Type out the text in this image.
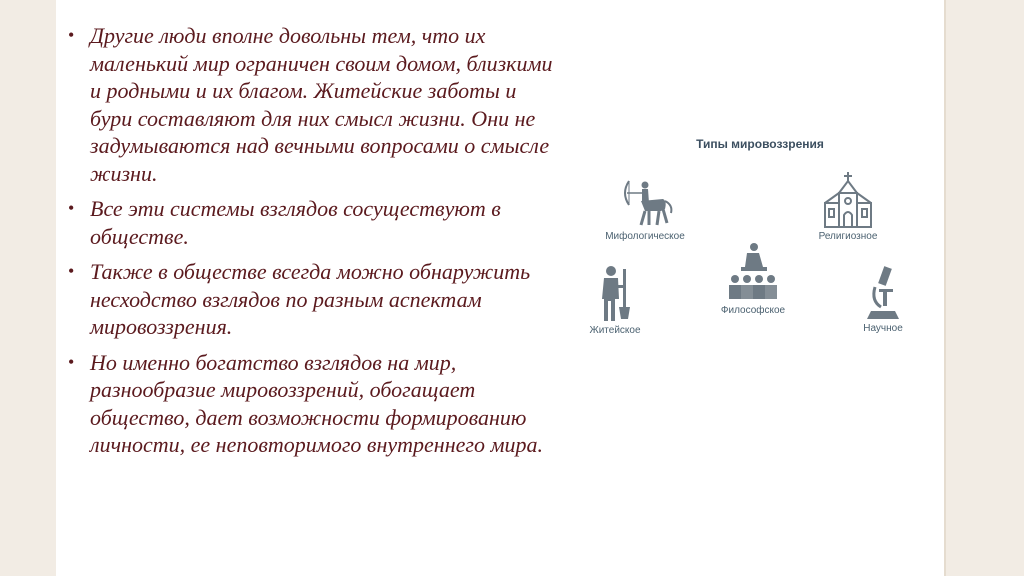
• Другие люди вполне довольны тем, что их маленький мир ограничен своим домом, близкими и родными и их благом. Житейские заботы и бури составляют для них смысл жизни. Они не задумываются над вечными вопросами о смысле жизни.
• Все эти системы взглядов сосуществуют в обществе.
• Также в обществе всегда можно обнаружить несходство взглядов по разным аспектам мировоззрения.
• Но именно богатство взглядов на мир, разнообразие мировоззрений, обогащает общество, дает возможности формированию личности, ее неповторимого внутреннего мира.
Типы мировоззрения
Мифологическое	Религиозное
Философское
Житейское	Научное
